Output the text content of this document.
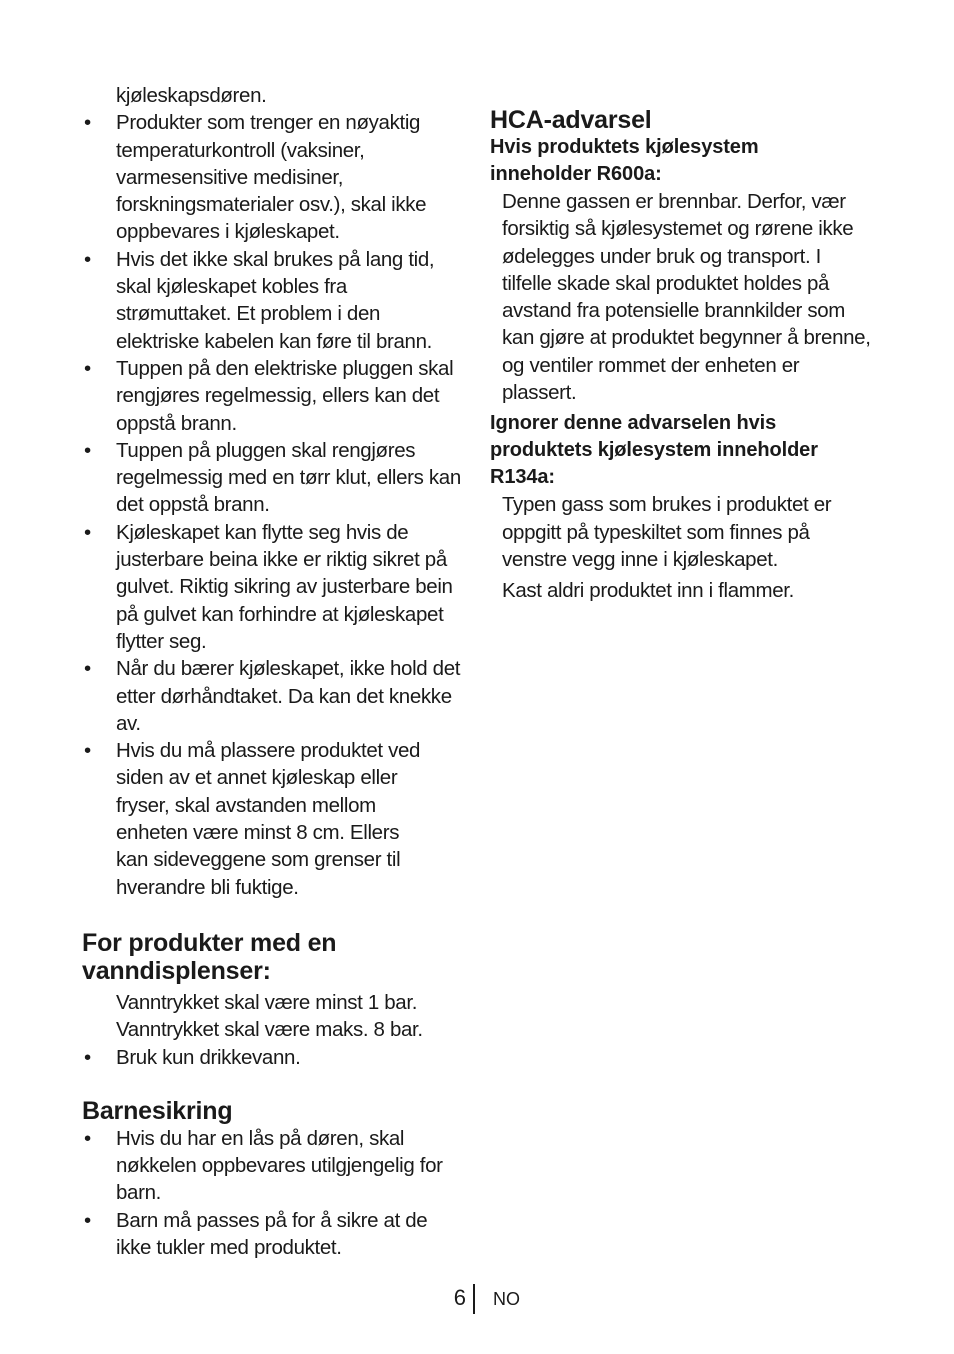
kjøleskapsdøren.
• Produkter som trenger en nøyaktig temperaturkontroll (vaksiner, varmesensitive medisiner, forskningsmaterialer osv.), skal ikke oppbevares i kjøleskapet.
• Hvis det ikke skal brukes på lang tid, skal kjøleskapet kobles fra strømuttaket. Et problem i den elektriske kabelen kan føre til brann.
• Tuppen på den elektriske pluggen skal rengjøres regelmessig, ellers kan det oppstå brann.
• Tuppen på pluggen skal rengjøres regelmessig med en tørr klut, ellers kan det oppstå brann.
• Kjøleskapet kan flytte seg hvis de justerbare beina ikke er riktig sikret på gulvet. Riktig sikring av justerbare bein på gulvet kan forhindre at kjøleskapet flytter seg.
• Når du bærer kjøleskapet, ikke hold det etter dørhåndtaket. Da kan det knekke av.
• Hvis du må plassere produktet ved siden av et annet kjøleskap eller fryser, skal avstanden mellom enheten være minst 8 cm. Ellers kan sideveggene som grenser til hverandre bli fuktige.
For produkter med en vanndisplenser:
Vanntrykket skal være minst 1 bar.
Vanntrykket skal være maks. 8 bar.
• Bruk kun drikkevann.
Barnesikring
• Hvis du har en lås på døren, skal nøkkelen oppbevares utilgjengelig for barn.
• Barn må passes på for å sikre at de ikke tukler med produktet.
HCA-advarsel
Hvis produktets kjølesystem inneholder R600a:
Denne gassen er brennbar. Derfor, vær forsiktig så kjølesystemet og rørene ikke ødelegges under bruk og transport. I tilfelle skade skal produktet holdes på avstand fra potensielle brannkilder som kan gjøre at produktet begynner å brenne, og ventiler rommet der enheten er plassert.
Ignorer denne advarselen hvis produktets kjølesystem inneholder R134a:
Typen gass som brukes i produktet er oppgitt på typeskiltet som finnes på venstre vegg inne i kjøleskapet.
Kast aldri produktet inn i flammer.
6 NO
